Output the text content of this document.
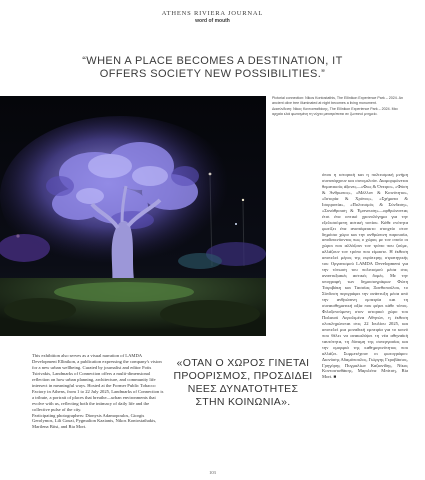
ATHENS RIVIERA JOURNAL
word of mouth
“WHEN A PLACE BECOMES A DESTINATION, IT OFFERS SOCIETY NEW POSSIBILITIES.”

Pictorial connection: Nikos Kontostathis, The Ellinikon Experience Park – 2024. An ancient olive tree illuminated at night becomes a living monument.

Διασύνδεση: Νίκος Κοντοσταθάκης, The Ellinikon Experience Park – 2024. Μια αρχαία ελιά φωτισμένη τη νύχτα μετατρέπεται σε ζωντανό μνημείο.

όπου η ιστορική και η πολιτισμική μνήμη συνυπάρχουν και συνομιλούν. Διαμορφώνεται θεματικούς άξονες—«Φως & Όνειρο», «Φύση & Άνθρωπος», «Μέλλον & Κοινότητα», «Ιστορία & Χρόνος», «Σχήματα & Ισορροπία», «Πολιτισμός & Σύνδεση», «Συνάθροιση & Έμπνευση»—αρθρώνοντας έτσι ένα οπτικό χρονολόγημα για την εξελισσόμενη αστική τοπίου. Κάθε ενότητα φωτίζει ένα αναπόφευκτο στοιχείο στον δημόσιο χώρο και την ανθρώπινη παρουσία, αποδεικνύοντας πως ο χώρος με τον οποίο οι χώροι που αλλάζουν τον τρόπο που ζούμε, αλλάζουν τον τρόπο που είμαστε. Η έκθεση αποτελεί μέρος της ευρύτερης στρατηγικής του Οργανισμού LAMDA Development για την τόνωση του πολιτισμού μέσα στις αναπτυξιακές αστικές δομές. Με την υπογραφή των δημοσιογράφων Φώτη Τσιριβάκη και Τασσίας Ξανθοπούλου, το Σύνδεση περιγράφει την ανάπτυξη μέσα από την ανθρώπινη εμπειρία και τη συναισθηματική αξία που φέρει κάθε τόπος. Φιλοξενούμενη στον ιστορικό χώρο του Παλαιού Αερολιμένα Αθηνών, η έκθεση ολοκληρώνεται στις 22 Ιουλίου 2025, και αποτελεί μια μοναδική εμπειρία για το κοινό που θέλει να ανακαλύψει τη νέα αθηναϊκή ταυτότητα, τη δύναμη της συνεργασίας και την ομορφιά της καθημερινότητας που αλλάζει. Συμμετέχουν οι φωτογράφοι: Διονύσης Αδαμόπουλος, Γιώργης Γεροβάσιος, Γρηγόρης Πυγμαλίων Καζιανίδης, Νίκος Κοντοσταθάκης, Μαριλένα Μπίτση, Ria Mort. ■

This exhibition also serves as a visual narration of LAMDA Development Ellinikon, a publication expressing the company's vision for a new urban wellbeing. Curated by journalist and editor Fotis Tsirivakis, Landmarks of Connection offers a multi-dimensional reflection on how urban planning, architecture, and community life intersect in meaningful ways. Hosted at the Former Public Tobacco Factory in Athens, from 1 to 22 July 2025, Landmarks of Connection is a tribute, a portrait of places that breathe—urban environments that evolve with us, reflecting both the intimacy of daily life and the collective pulse of the city.

Participating photographers: Dionysis Adamopoulos, Giorgis Gerolymos, Lili Gouzi, Pygmalion Kazianis, Nikos Kontostathakis, Marilena Bitsi, and Ria Mort.

«ΟΤΑΝ Ο ΧΩΡΟΣ ΓΙΝΕΤΑΙ ΠΡΟΟΡΙΣΜΟΣ, ΠΡΟΣΔΙΔΕΙ ΝΕΕΣ ΔΥΝΑΤΟΤΗΤΕΣ ΣΤΗΝ ΚΟΙΝΩΝΙΑ».
103
